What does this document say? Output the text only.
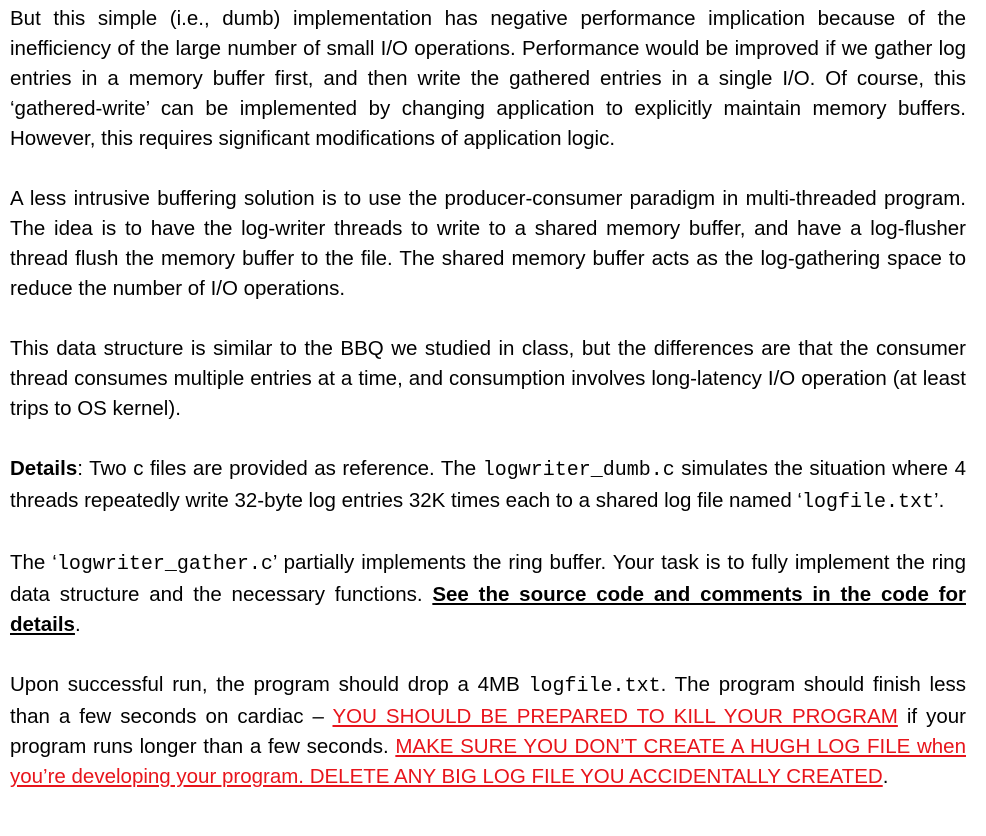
But this simple (i.e., dumb) implementation has negative performance implication because of the inefficiency of the large number of small I/O operations. Performance would be improved if we gather log entries in a memory buffer first, and then write the gathered entries in a single I/O. Of course, this ‘gathered-write’ can be implemented by changing application to explicitly maintain memory buffers. However, this requires significant modifications of application logic.

A less intrusive buffering solution is to use the producer-consumer paradigm in multi-threaded program. The idea is to have the log-writer threads to write to a shared memory buffer, and have a log-flusher thread flush the memory buffer to the file. The shared memory buffer acts as the log-gathering space to reduce the number of I/O operations.

This data structure is similar to the BBQ we studied in class, but the differences are that the consumer thread consumes multiple entries at a time, and consumption involves long-latency I/O operation (at least trips to OS kernel).

Details: Two c files are provided as reference. The logwriter_dumb.c simulates the situation where 4 threads repeatedly write 32-byte log entries 32K times each to a shared log file named ‘logfile.txt’.

The ‘logwriter_gather.c’ partially implements the ring buffer. Your task is to fully implement the ring data structure and the necessary functions. See the source code and comments in the code for details.

Upon successful run, the program should drop a 4MB logfile.txt. The program should finish less than a few seconds on cardiac – YOU SHOULD BE PREPARED TO KILL YOUR PROGRAM if your program runs longer than a few seconds. MAKE SURE YOU DON’T CREATE A HUGH LOG FILE when you’re developing your program. DELETE ANY BIG LOG FILE YOU ACCIDENTALLY CREATED.
